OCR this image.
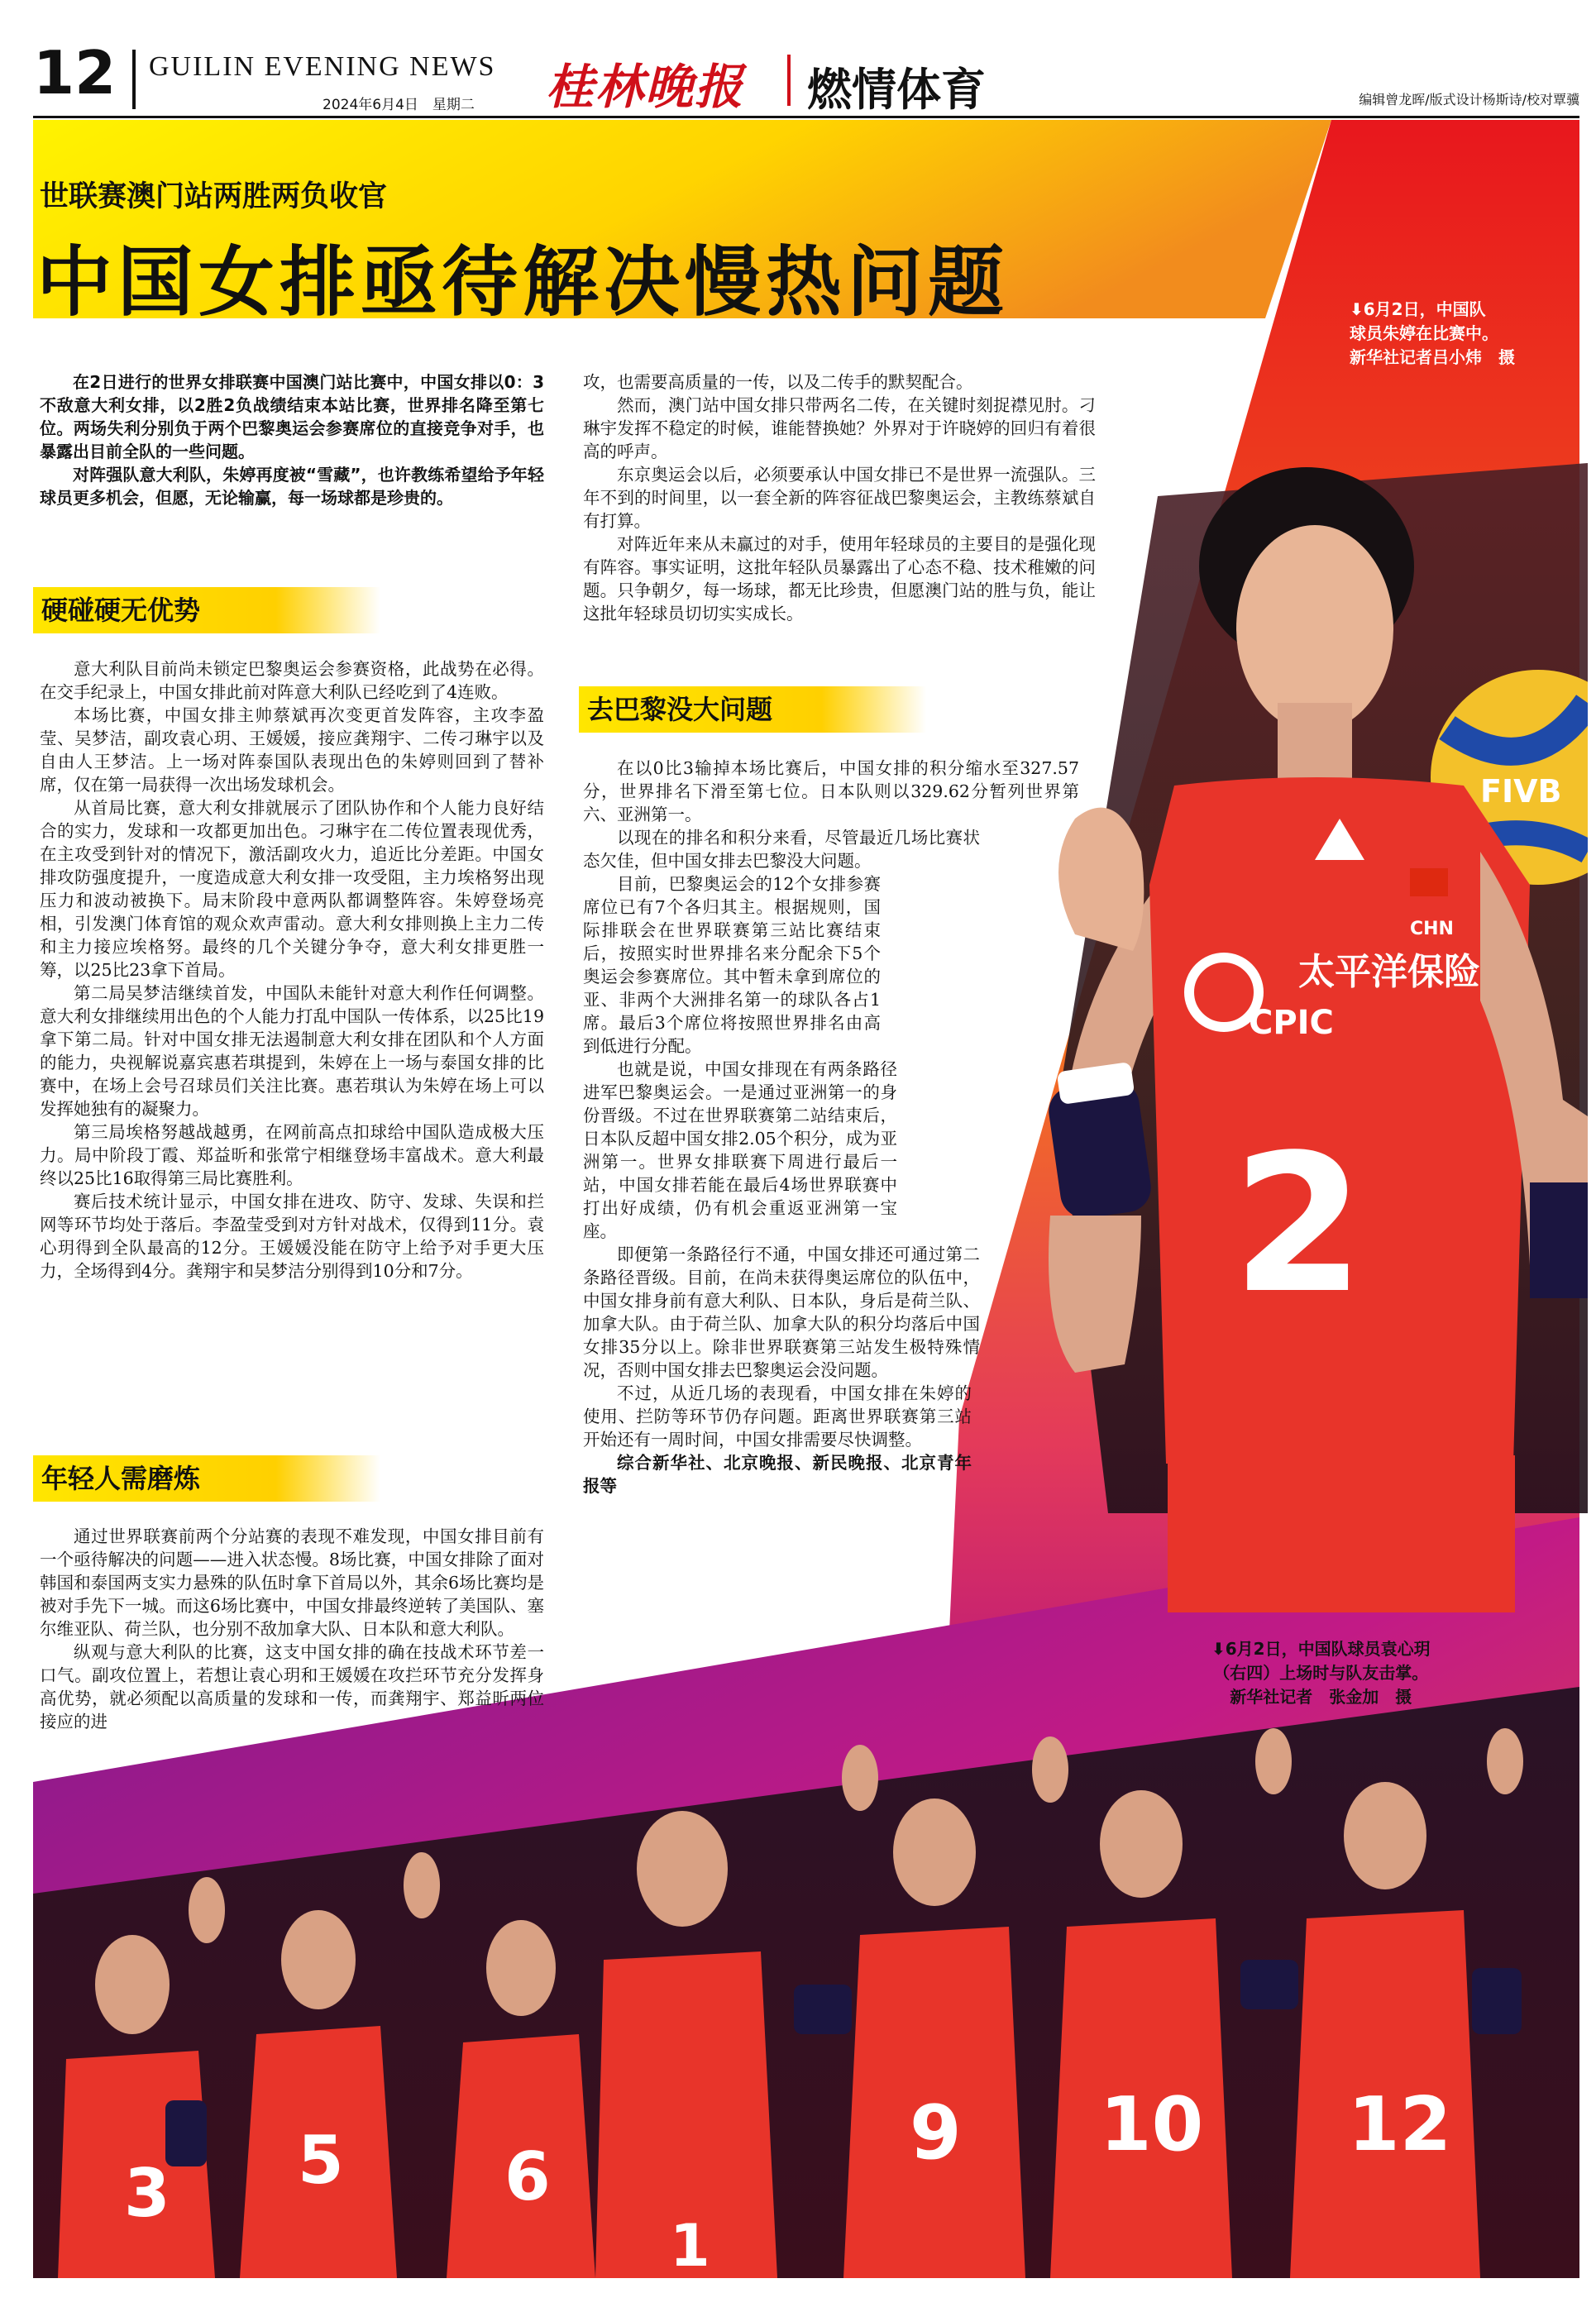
12 GUILIN EVENING NEWS
2024年6月4日　星期二 桂林晚报 燃情体育	编辑曾龙晖/版式设计杨斯诗/校对覃骥
世联赛澳门站两胜两负收官
中国女排亟待解决慢热问题
FIVB
太平洋保险
CPIC
2
CHN
⬇6月2日，中国队
球员朱婷在比赛中。
新华社记者吕小炜　摄
3 5 6
1
9 10 12
⬇6月2日，中国队球员袁心玥
（右四）上场时与队友击掌。
新华社记者　张金加　摄

在2日进行的世界女排联赛中国澳门站比赛中，中国女排以0：3不敌意大利女排，以2胜2负战绩结束本站比赛，世界排名降至第七位。两场失利分别负于两个巴黎奥运会参赛席位的直接竞争对手，也暴露出目前全队的一些问题。

对阵强队意大利队，朱婷再度被“雪藏”，也许教练希望给予年轻球员更多机会，但愿，无论输赢，每一场球都是珍贵的。

硬碰硬无优势

意大利队目前尚未锁定巴黎奥运会参赛资格，此战势在必得。在交手纪录上，中国女排此前对阵意大利队已经吃到了4连败。

本场比赛，中国女排主帅蔡斌再次变更首发阵容，主攻李盈莹、吴梦洁，副攻袁心玥、王媛媛，接应龚翔宇、二传刁琳宇以及自由人王梦洁。上一场对阵泰国队表现出色的朱婷则回到了替补席，仅在第一局获得一次出场发球机会。

从首局比赛，意大利女排就展示了团队协作和个人能力良好结合的实力，发球和一攻都更加出色。刁琳宇在二传位置表现优秀，在主攻受到针对的情况下，激活副攻火力，追近比分差距。中国女排攻防强度提升，一度造成意大利女排一攻受阻，主力埃格努出现压力和波动被换下。局末阶段中意两队都调整阵容。朱婷登场亮相，引发澳门体育馆的观众欢声雷动。意大利女排则换上主力二传和主力接应埃格努。最终的几个关键分争夺，意大利女排更胜一筹，以25比23拿下首局。

第二局吴梦洁继续首发，中国队未能针对意大利作任何调整。意大利女排继续用出色的个人能力打乱中国队一传体系，以25比19拿下第二局。针对中国女排无法遏制意大利女排在团队和个人方面的能力，央视解说嘉宾惠若琪提到，朱婷在上一场与泰国女排的比赛中，在场上会号召球员们关注比赛。惠若琪认为朱婷在场上可以发挥她独有的凝聚力。

第三局埃格努越战越勇，在网前高点扣球给中国队造成极大压力。局中阶段丁霞、郑益昕和张常宁相继登场丰富战术。意大利最终以25比16取得第三局比赛胜利。

赛后技术统计显示，中国女排在进攻、防守、发球、失误和拦网等环节均处于落后。李盈莹受到对方针对战术，仅得到11分。袁心玥得到全队最高的12分。王媛媛没能在防守上给予对手更大压力，全场得到4分。龚翔宇和吴梦洁分别得到10分和7分。

年轻人需磨炼

通过世界联赛前两个分站赛的表现不难发现，中国女排目前有一个亟待解决的问题——进入状态慢。8场比赛，中国女排除了面对韩国和泰国两支实力悬殊的队伍时拿下首局以外，其余6场比赛均是被对手先下一城。而这6场比赛中，中国女排最终逆转了美国队、塞尔维亚队、荷兰队，也分别不敌加拿大队、日本队和意大利队。

纵观与意大利队的比赛，这支中国女排的确在技战术环节差一口气。副攻位置上，若想让袁心玥和王媛媛在攻拦环节充分发挥身高优势，就必须配以高质量的发球和一传，而龚翔宇、郑益昕两位接应的进

攻，也需要高质量的一传，以及二传手的默契配合。

然而，澳门站中国女排只带两名二传，在关键时刻捉襟见肘。刁琳宇发挥不稳定的时候，谁能替换她？外界对于许晓婷的回归有着很高的呼声。

东京奥运会以后，必须要承认中国女排已不是世界一流强队。三年不到的时间里，以一套全新的阵容征战巴黎奥运会，主教练蔡斌自有打算。

对阵近年来从未赢过的对手，使用年轻球员的主要目的是强化现有阵容。事实证明，这批年轻队员暴露出了心态不稳、技术稚嫩的问题。只争朝夕，每一场球，都无比珍贵，但愿澳门站的胜与负，能让这批年轻球员切切实实成长。

去巴黎没大问题

在以0比3输掉本场比赛后，中国女排的积分缩水至327.57分，世界排名下滑至第七位。日本队则以329.62分暂列世界第六、亚洲第一。

以现在的排名和积分来看，尽管最近几场比赛状态欠佳，但中国女排去巴黎没大问题。

目前，巴黎奥运会的12个女排参赛席位已有7个各归其主。根据规则，国际排联会在世界联赛第三站比赛结束后，按照实时世界排名来分配余下5个奥运会参赛席位。其中暂未拿到席位的亚、非两个大洲排名第一的球队各占1席。最后3个席位将按照世界排名由高到低进行分配。

也就是说，中国女排现在有两条路径进军巴黎奥运会。一是通过亚洲第一的身份晋级。不过在世界联赛第二站结束后，日本队反超中国女排2.05个积分，成为亚洲第一。世界女排联赛下周进行最后一站，中国女排若能在最后4场世界联赛中打出好成绩，仍有机会重返亚洲第一宝座。

即便第一条路径行不通，中国女排还可通过第二条路径晋级。目前，在尚未获得奥运席位的队伍中，中国女排身前有意大利队、日本队，身后是荷兰队、加拿大队。由于荷兰队、加拿大队的积分均落后中国女排35分以上。除非世界联赛第三站发生极特殊情况，否则中国女排去巴黎奥运会没问题。

不过，从近几场的表现看，中国女排在朱婷的使用、拦防等环节仍存问题。距离世界联赛第三站开始还有一周时间，中国女排需要尽快调整。

综合新华社、北京晚报、新民晚报、北京青年报等
